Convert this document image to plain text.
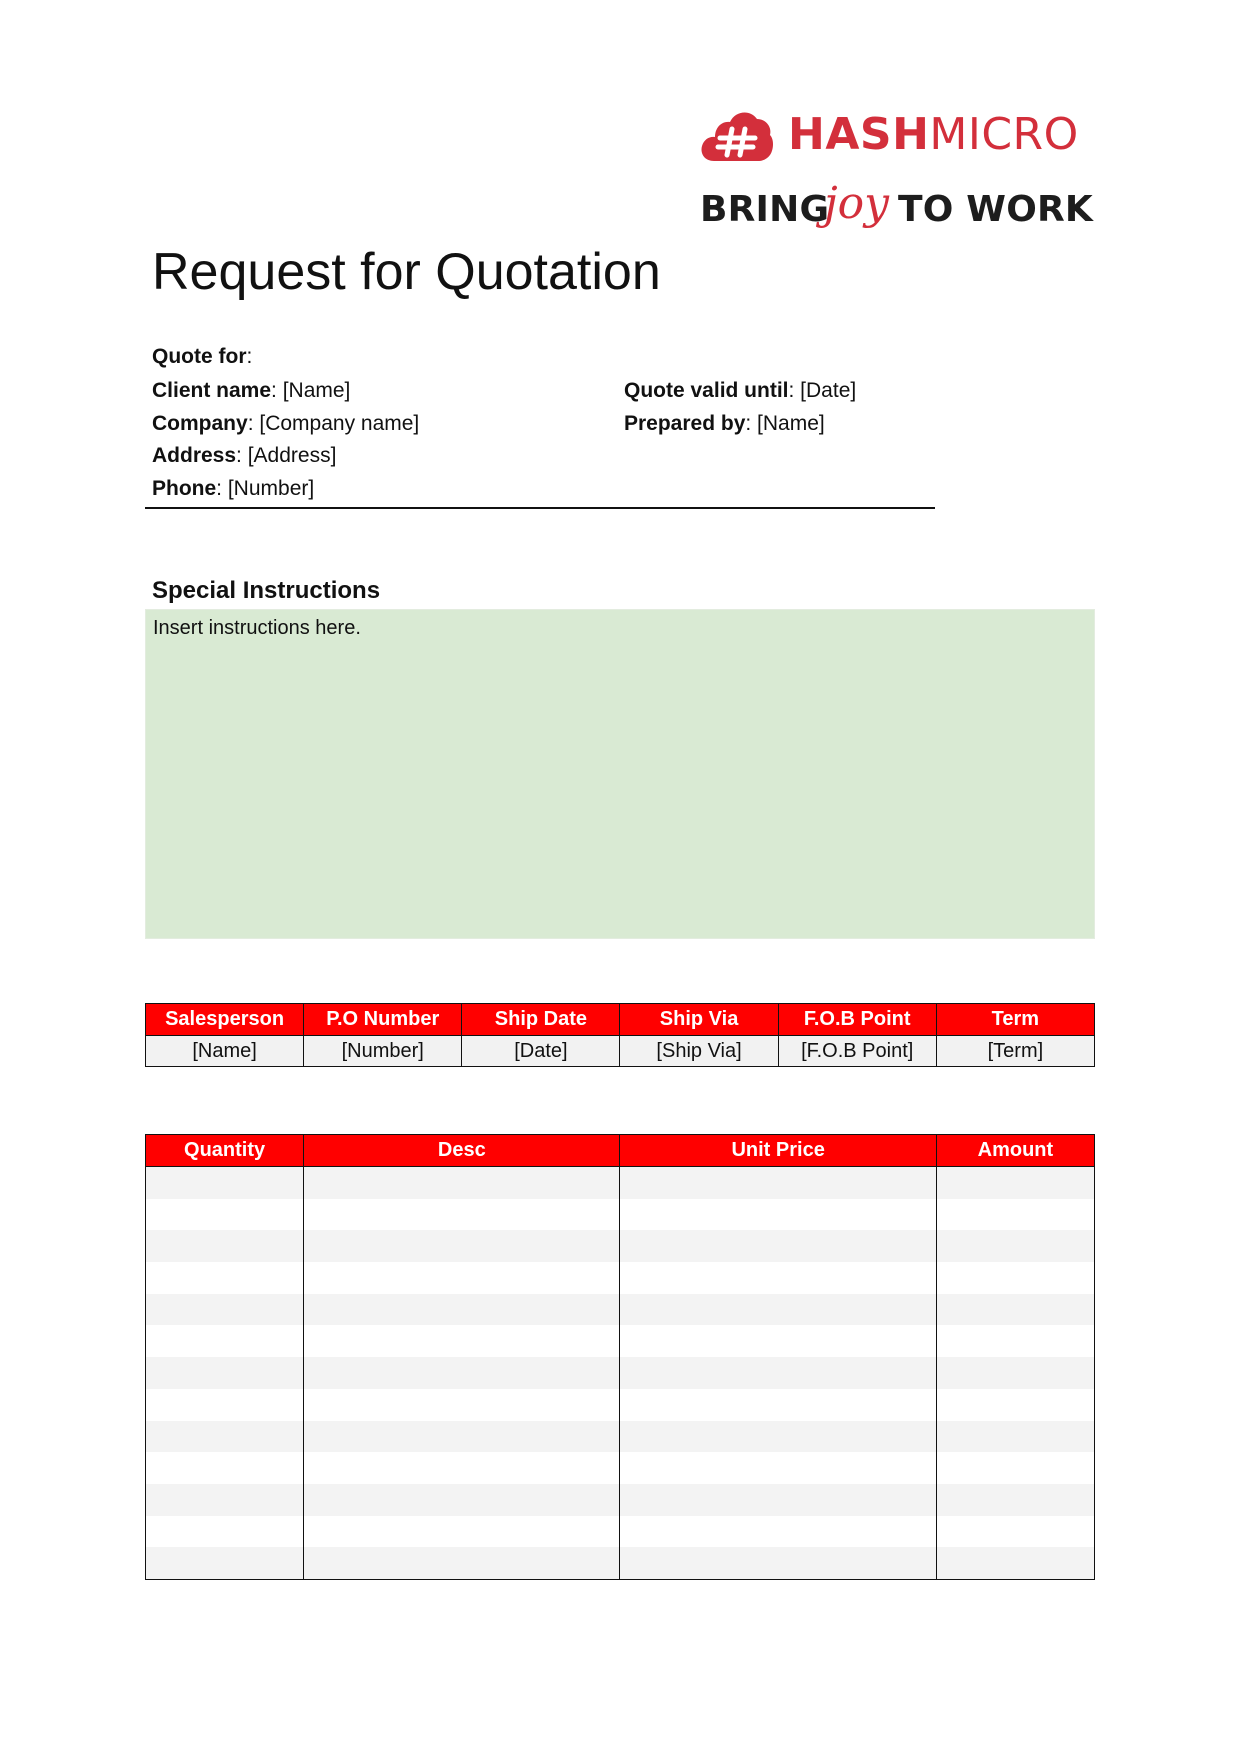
HASHMICRO
BRING
joy TO WORK
Request for Quotation
Quote for:
Client name: [Name]
Company: [Company name]
Address: [Address]
Phone: [Number]
Quote valid until: [Date]
Prepared by: [Name]
Special Instructions
Insert instructions here.
Salesperson	P.O Number	Ship Date	Ship Via	F.O.B Point	Term
[Name]	[Number]	[Date]	[Ship Via]	[F.O.B Point]	[Term]
Quantity	Desc	Unit Price	Amount
